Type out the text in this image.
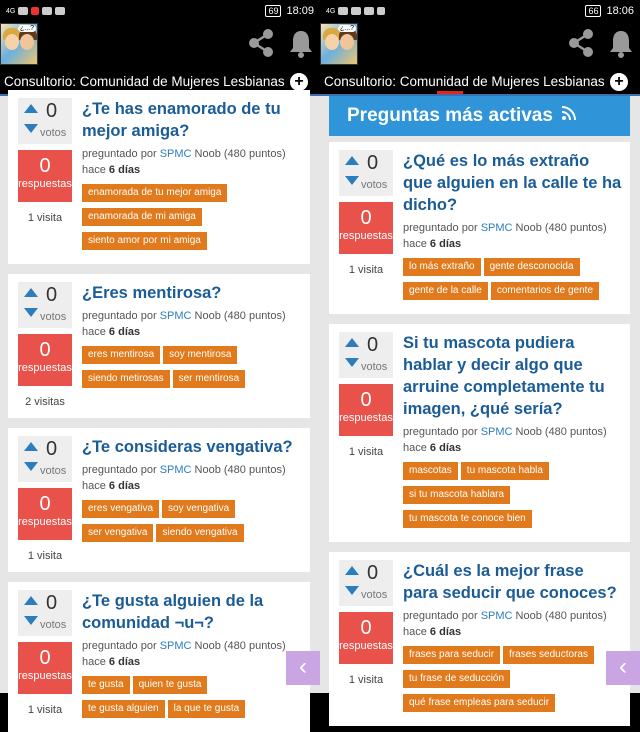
4G	69 18:09
¿...?
Consultorio: Comunidad de Mujeres Lesbianas +
0
votos
0
respuestas
1 visita
¿Te has enamorado de tu mejor amiga?
preguntado por SPMC Noob (480 puntos)
hace 6 días
enamorada de tu mejor amiga
enamorada de mi amiga
siento amor por mi amiga
0
votos
0
respuestas
2 visitas
¿Eres mentirosa?
preguntado por SPMC Noob (480 puntos)
hace 6 días
eres mentirosa soy mentirosa
siendo metirosas ser mentirosa
0
votos
0
respuestas
1 visita
¿Te consideras vengativa?
preguntado por SPMC Noob (480 puntos)
hace 6 días
eres vengativa soy vengativa
ser vengativa siendo vengativa
0
votos
0
respuestas
1 visita
¿Te gusta alguien de la comunidad ¬u¬?
preguntado por SPMC Noob (480 puntos)
hace 6 días
te gusta quien te gusta
te gusta alguien la que te gusta
‹
4G	66 18:06
¿...?
Consultorio: Comunidad de Mujeres Lesbianas +
Preguntas más activas
0
votos
0
respuestas
1 visita
¿Qué es lo más extraño que alguien en la calle te ha dicho?
preguntado por SPMC Noob (480 puntos)
hace 6 días
lo más extraño gente desconocida
gente de la calle comentarios de gente
0
votos
0
respuestas
1 visita
Si tu mascota pudiera hablar y decir algo que arruine completamente tu imagen, ¿qué sería?
preguntado por SPMC Noob (480 puntos)
hace 6 días
mascotas tu mascota habla
si tu mascota hablara
tu mascota te conoce bien
0
votos
0
respuestas
1 visita
¿Cuál es la mejor frase para seducir que conoces?
preguntado por SPMC Noob (480 puntos)
hace 6 días
frases para seducir frases seductoras
tu frase de seducción
qué frase empleas para seducir
‹
